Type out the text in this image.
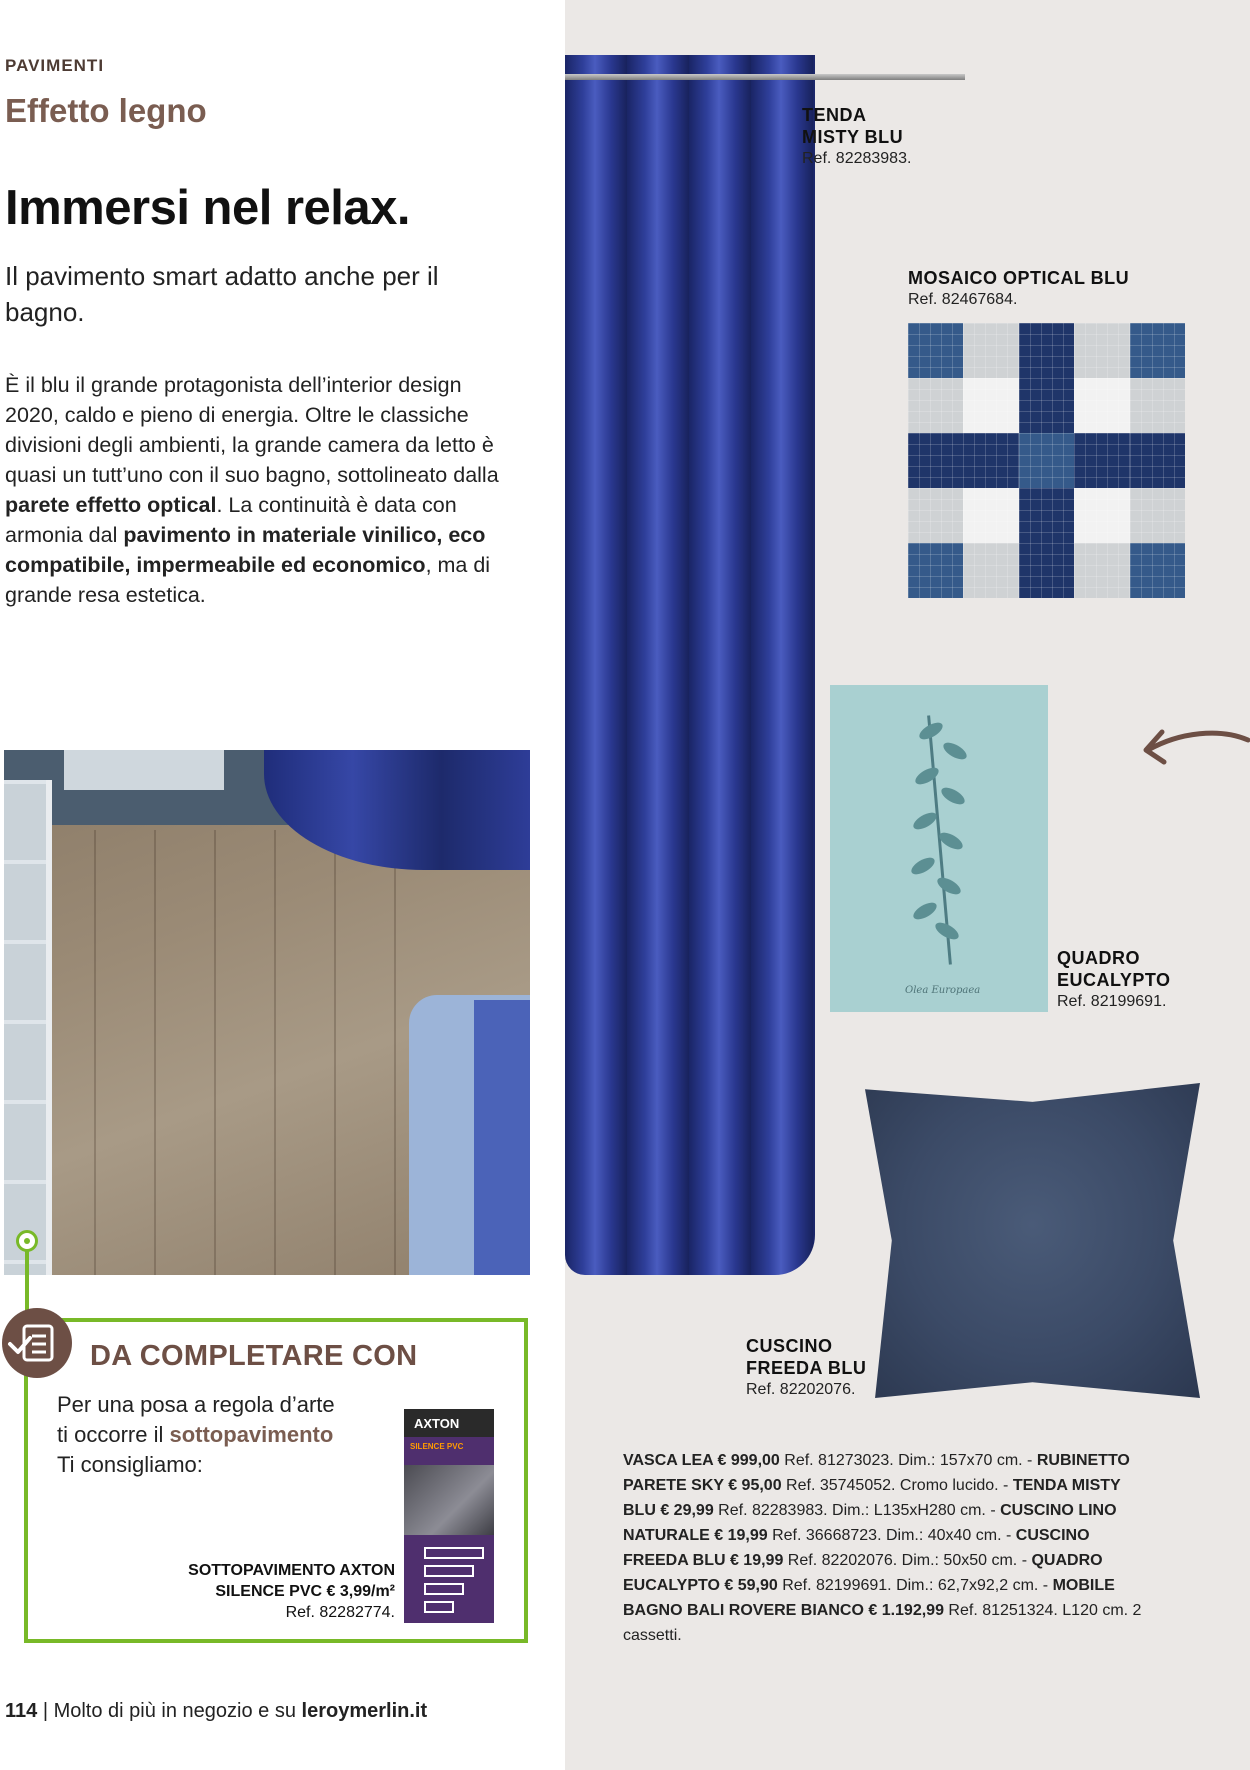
PAVIMENTI
Effetto legno
Immersi nel relax.
Il pavimento smart adatto anche per il bagno.
È il blu il grande protagonista dell’interior design 2020, caldo e pieno di energia. Oltre le classiche divisioni degli ambienti, la grande camera da letto è quasi un tutt’uno con il suo bagno, sottolineato dalla parete effetto optical. La continuità è data con armonia dal pavimento in materiale vinilico, eco compatibile, impermeabile ed economico, ma di grande resa estetica.
TENDA
MISTY BLU
Ref. 82283983.
MOSAICO OPTICAL BLU
Ref. 82467684.
Olea Europaea
QUADRO
EUCALYPTO
Ref. 82199691.
CUSCINO
FREEDA BLU
Ref. 82202076.
DA COMPLETARE CON
Per una posa a regola d’arte
ti occorre il sottopavimento
Ti consigliamo:
AXTON
SILENCE PVC
SOTTOPAVIMENTO AXTON
SILENCE PVC € 3,99/m²
Ref. 82282774.
VASCA LEA € 999,00 Ref. 81273023. Dim.: 157x70 cm. - RUBINETTO PARETE SKY € 95,00 Ref. 35745052. Cromo lucido. - TENDA MISTY BLU € 29,99 Ref. 82283983. Dim.: L135xH280 cm. - CUSCINO LINO NATURALE € 19,99 Ref. 36668723. Dim.: 40x40 cm. - CUSCINO FREEDA BLU € 19,99 Ref. 82202076. Dim.: 50x50 cm. - QUADRO EUCALYPTO € 59,90 Ref. 82199691. Dim.: 62,7x92,2 cm. - MOBILE BAGNO BALI ROVERE BIANCO € 1.192,99 Ref. 81251324. L120 cm. 2 cassetti.
114 | Molto di più in negozio e su leroymerlin.it
